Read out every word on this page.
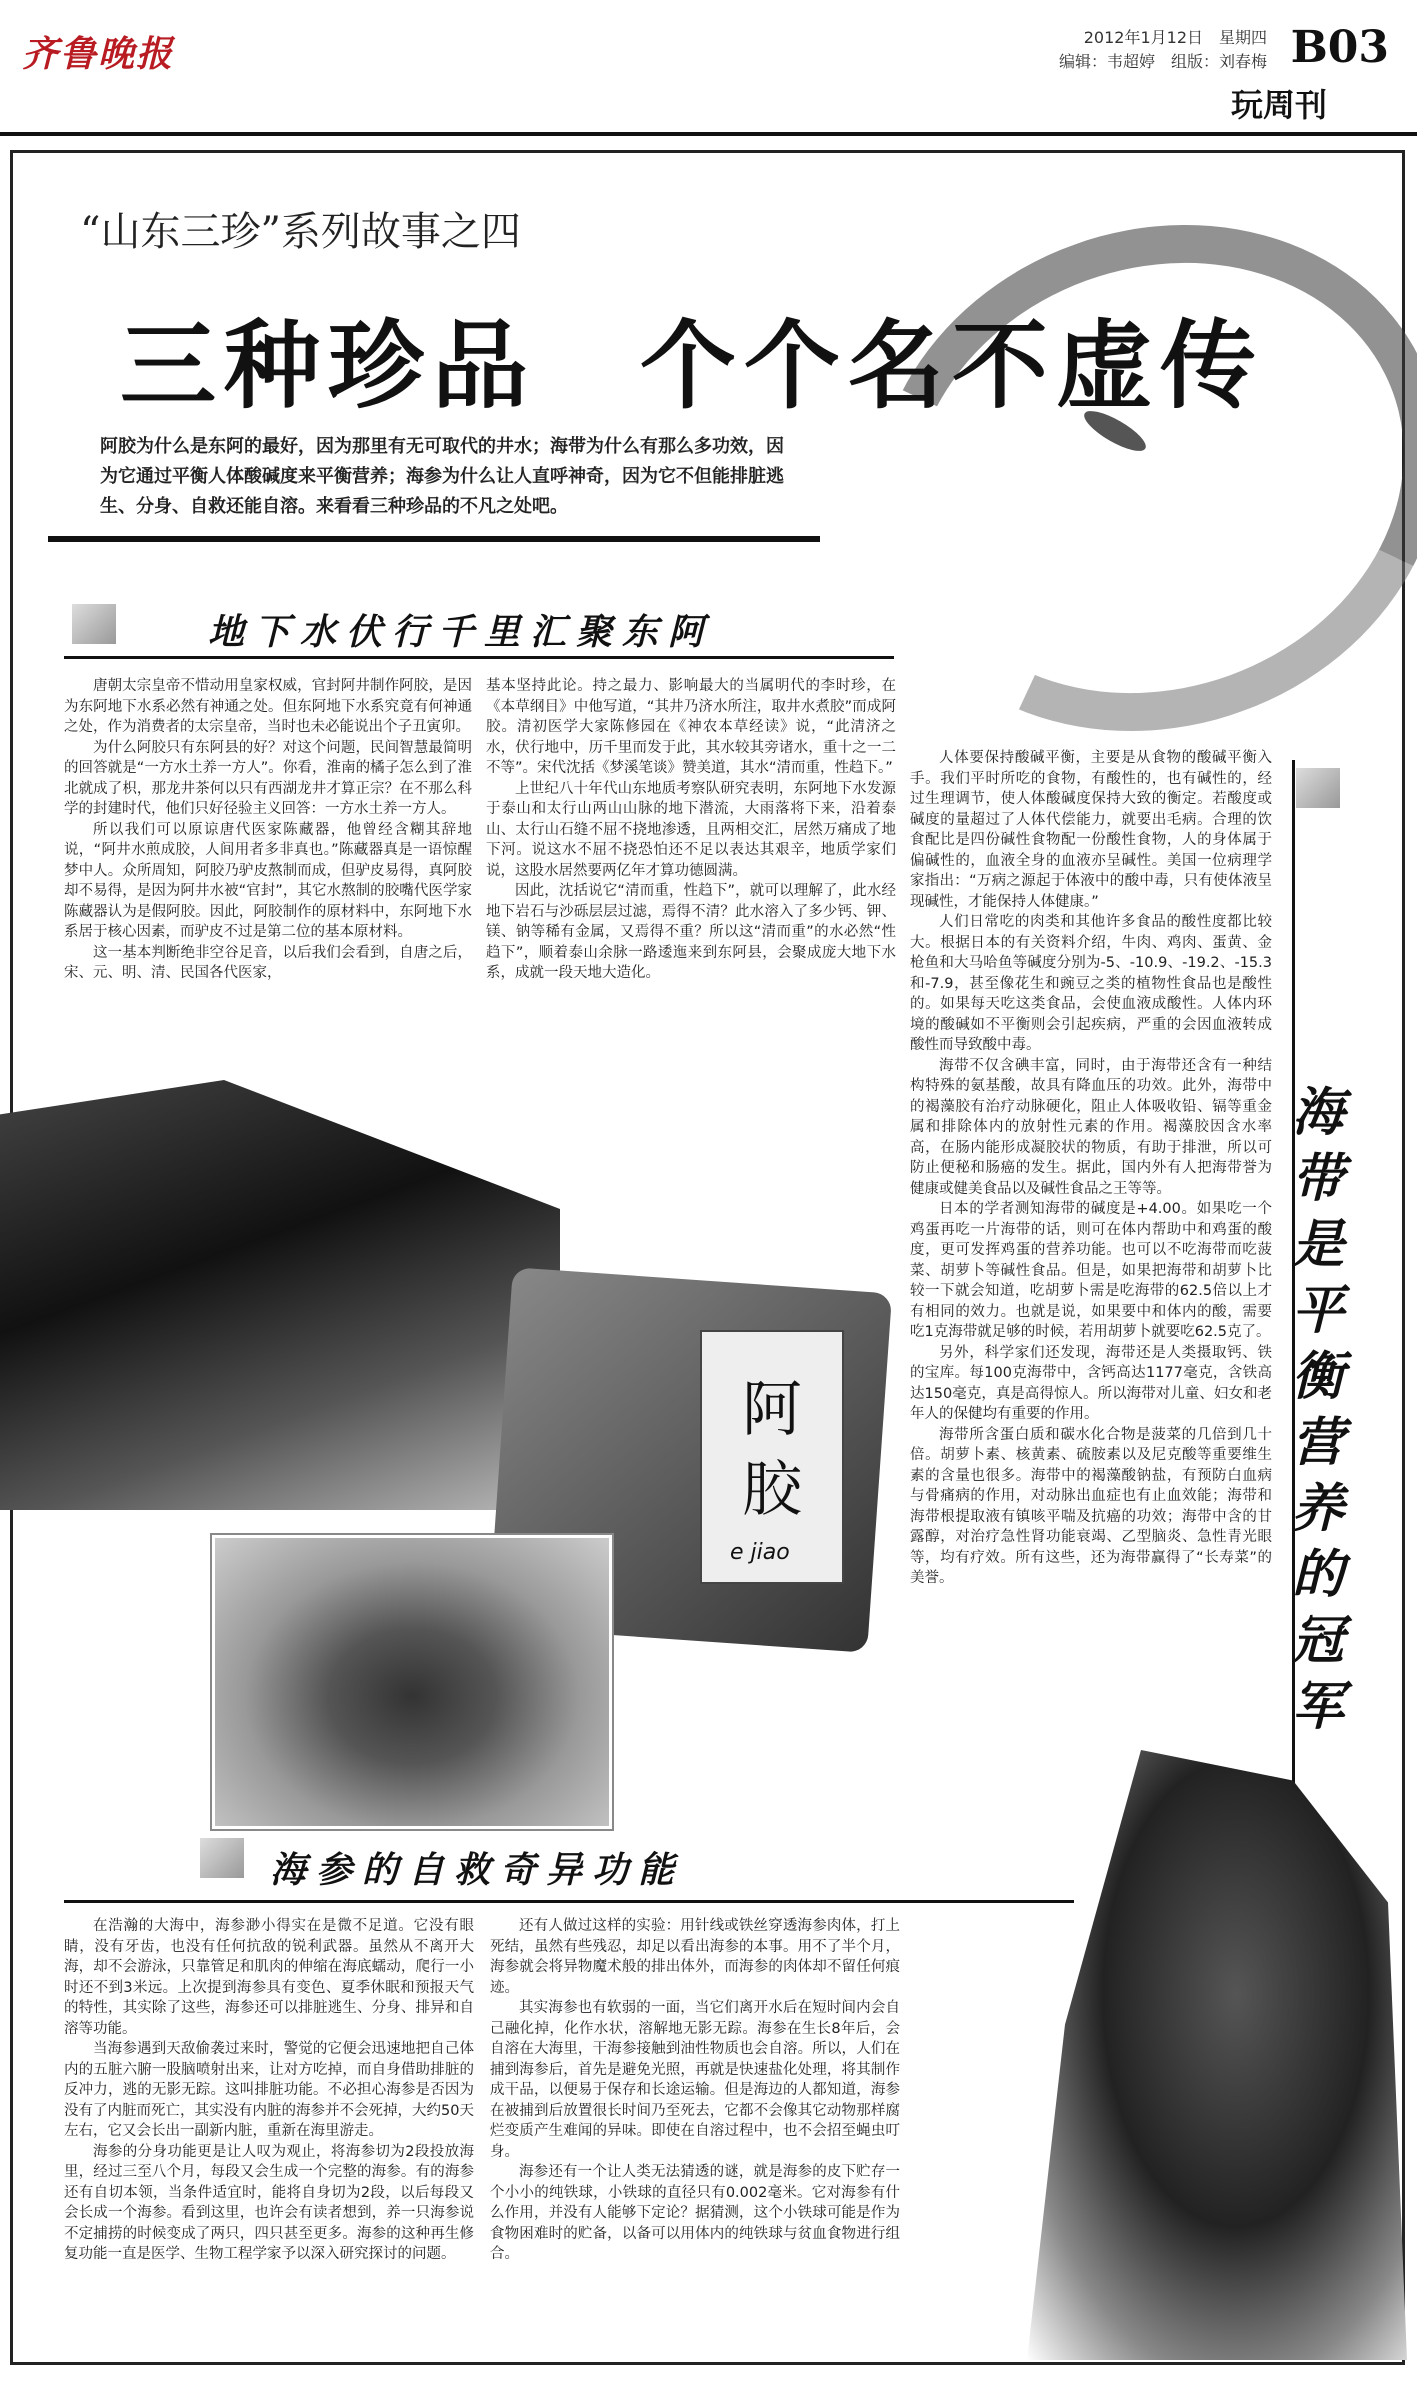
齐鲁晚报	2012年1月12日　星期四
编辑：韦超婷　组版：刘春梅 B03
玩周刊
“山东三珍”系列故事之四
三种珍品　个个名不虚传
阿胶为什么是东阿的最好，因为那里有无可取代的井水；海带为什么有那么多功效，因为它通过平衡人体酸碱度来平衡营养；海参为什么让人直呼神奇，因为它不但能排脏逃生、分身、自救还能自溶。来看看三种珍品的不凡之处吧。
地下水伏行千里汇聚东阿

唐朝太宗皇帝不惜动用皇家权威，官封阿井制作阿胶，是因为东阿地下水系必然有神通之处。但东阿地下水系究竟有何神通之处，作为消费者的太宗皇帝，当时也未必能说出个子丑寅卯。

为什么阿胶只有东阿县的好？对这个问题，民间智慧最简明的回答就是“一方水土养一方人”。你看，淮南的橘子怎么到了淮北就成了枳，那龙井茶何以只有西湖龙井才算正宗？在不那么科学的封建时代，他们只好径验主义回答：一方水土养一方人。

所以我们可以原谅唐代医家陈藏器，他曾经含糊其辞地说，“阿井水煎成胶，人间用者多非真也。”陈藏器真是一语惊醒梦中人。众所周知，阿胶乃驴皮熬制而成，但驴皮易得，真阿胶却不易得，是因为阿井水被“官封”，其它水熬制的胶嘴代医学家陈藏器认为是假阿胶。因此，阿胶制作的原材料中，东阿地下水系居于核心因素，而驴皮不过是第二位的基本原材料。

这一基本判断绝非空谷足音，以后我们会看到，自唐之后，宋、元、明、清、民国各代医家，

基本坚持此论。持之最力、影响最大的当属明代的李时珍，在《本草纲目》中他写道，“其井乃济水所注，取井水煮胶”而成阿胶。清初医学大家陈修园在《神农本草经读》说，“此清济之水，伏行地中，历千里而发于此，其水较其旁诸水，重十之一二不等”。宋代沈括《梦溪笔谈》赞美道，其水“清而重，性趋下。”

上世纪八十年代山东地质考察队研究表明，东阿地下水发源于泰山和太行山两山山脉的地下潜流，大雨落将下来，沿着泰山、太行山石缝不屈不挠地渗透，且两相交汇，居然万痛成了地下河。说这水不屈不挠恐怕还不足以表达其艰辛，地质学家们说，这股水居然要两亿年才算功德圆满。

因此，沈括说它“清而重，性趋下”，就可以理解了，此水经地下岩石与沙砾层层过滤，焉得不清？此水溶入了多少钙、钾、镁、钠等稀有金属，又焉得不重？所以这“清而重”的水必然“性趋下”，顺着泰山余脉一路逶迤来到东阿县，会聚成庞大地下水系，成就一段天地大造化。

人体要保持酸碱平衡，主要是从食物的酸碱平衡入手。我们平时所吃的食物，有酸性的，也有碱性的，经过生理调节，使人体酸碱度保持大致的衡定。若酸度或碱度的量超过了人体代偿能力，就要出毛病。合理的饮食配比是四份碱性食物配一份酸性食物，人的身体属于偏碱性的，血液全身的血液亦呈碱性。美国一位病理学家指出：“万病之源起于体液中的酸中毒，只有使体液呈现碱性，才能保持人体健康。”

人们日常吃的肉类和其他许多食品的酸性度都比较大。根据日本的有关资料介绍，牛肉、鸡肉、蛋黄、金枪鱼和大马哈鱼等碱度分别为-5、-10.9、-19.2、-15.3和-7.9，甚至像花生和豌豆之类的植物性食品也是酸性的。如果每天吃这类食品，会使血液成酸性。人体内环境的酸碱如不平衡则会引起疾病，严重的会因血液转成酸性而导致酸中毒。

海带不仅含碘丰富，同时，由于海带还含有一种结构特殊的氨基酸，故具有降血压的功效。此外，海带中的褐藻胶有治疗动脉硬化，阻止人体吸收铅、镉等重金属和排除体内的放射性元素的作用。褐藻胶因含水率高，在肠内能形成凝胶状的物质，有助于排泄，所以可防止便秘和肠癌的发生。据此，国内外有人把海带誉为健康或健美食品以及碱性食品之王等等。

日本的学者测知海带的碱度是+4.00。如果吃一个鸡蛋再吃一片海带的话，则可在体内帮助中和鸡蛋的酸度，更可发挥鸡蛋的营养功能。也可以不吃海带而吃菠菜、胡萝卜等碱性食品。但是，如果把海带和胡萝卜比较一下就会知道，吃胡萝卜需是吃海带的62.5倍以上才有相同的效力。也就是说，如果要中和体内的酸，需要吃1克海带就足够的时候，若用胡萝卜就要吃62.5克了。

另外，科学家们还发现，海带还是人类摄取钙、铁的宝库。每100克海带中，含钙高达1177毫克，含铁高达150毫克，真是高得惊人。所以海带对儿童、妇女和老年人的保健均有重要的作用。

海带所含蛋白质和碳水化合物是菠菜的几倍到几十倍。胡萝卜素、核黄素、硫胺素以及尼克酸等重要维生素的含量也很多。海带中的褐藻酸钠盐，有预防白血病与骨痛病的作用，对动脉出血症也有止血效能；海带和海带根提取液有镇咳平喘及抗癌的功效；海带中含的甘露醇，对治疗急性肾功能衰竭、乙型脑炎、急性青光眼等，均有疗效。所有这些，还为海带赢得了“长寿菜”的美誉。

海带是平衡营养的冠军
阿胶
e jiao
海参的自救奇异功能

在浩瀚的大海中，海参渺小得实在是微不足道。它没有眼睛，没有牙齿，也没有任何抗敌的锐利武器。虽然从不离开大海，却不会游泳，只靠管足和肌肉的伸缩在海底蠕动，爬行一小时还不到3米远。上次提到海参具有变色、夏季休眠和预报天气的特性，其实除了这些，海参还可以排脏逃生、分身、排异和自溶等功能。

当海参遇到天敌偷袭过来时，警觉的它便会迅速地把自己体内的五脏六腑一股脑喷射出来，让对方吃掉，而自身借助排脏的反冲力，逃的无影无踪。这叫排脏功能。不必担心海参是否因为没有了内脏而死亡，其实没有内脏的海参并不会死掉，大约50天左右，它又会长出一副新内脏，重新在海里游走。

海参的分身功能更是让人叹为观止，将海参切为2段投放海里，经过三至八个月，每段又会生成一个完整的海参。有的海参还有自切本领，当条件适宜时，能将自身切为2段，以后每段又会长成一个海参。看到这里，也许会有读者想到，养一只海参说不定捕捞的时候变成了两只，四只甚至更多。海参的这种再生修复功能一直是医学、生物工程学家予以深入研究探讨的问题。

还有人做过这样的实验：用针线或铁丝穿透海参肉体，打上死结，虽然有些残忍，却足以看出海参的本事。用不了半个月，海参就会将异物魔术般的排出体外，而海参的肉体却不留任何痕迹。

其实海参也有软弱的一面，当它们离开水后在短时间内会自己融化掉，化作水状，溶解地无影无踪。海参在生长8年后，会自溶在大海里，干海参接触到油性物质也会自溶。所以，人们在捕到海参后，首先是避免光照，再就是快速盐化处理，将其制作成干品，以便易于保存和长途运输。但是海边的人都知道，海参在被捕到后放置很长时间乃至死去，它都不会像其它动物那样腐烂变质产生难闻的异味。即使在自溶过程中，也不会招至蝇虫叮身。

海参还有一个让人类无法猜透的谜，就是海参的皮下贮存一个小小的纯铁球，小铁球的直径只有0.002毫米。它对海参有什么作用，并没有人能够下定论？据猜测，这个小铁球可能是作为食物困难时的贮备，以备可以用体内的纯铁球与贫血食物进行组合。
